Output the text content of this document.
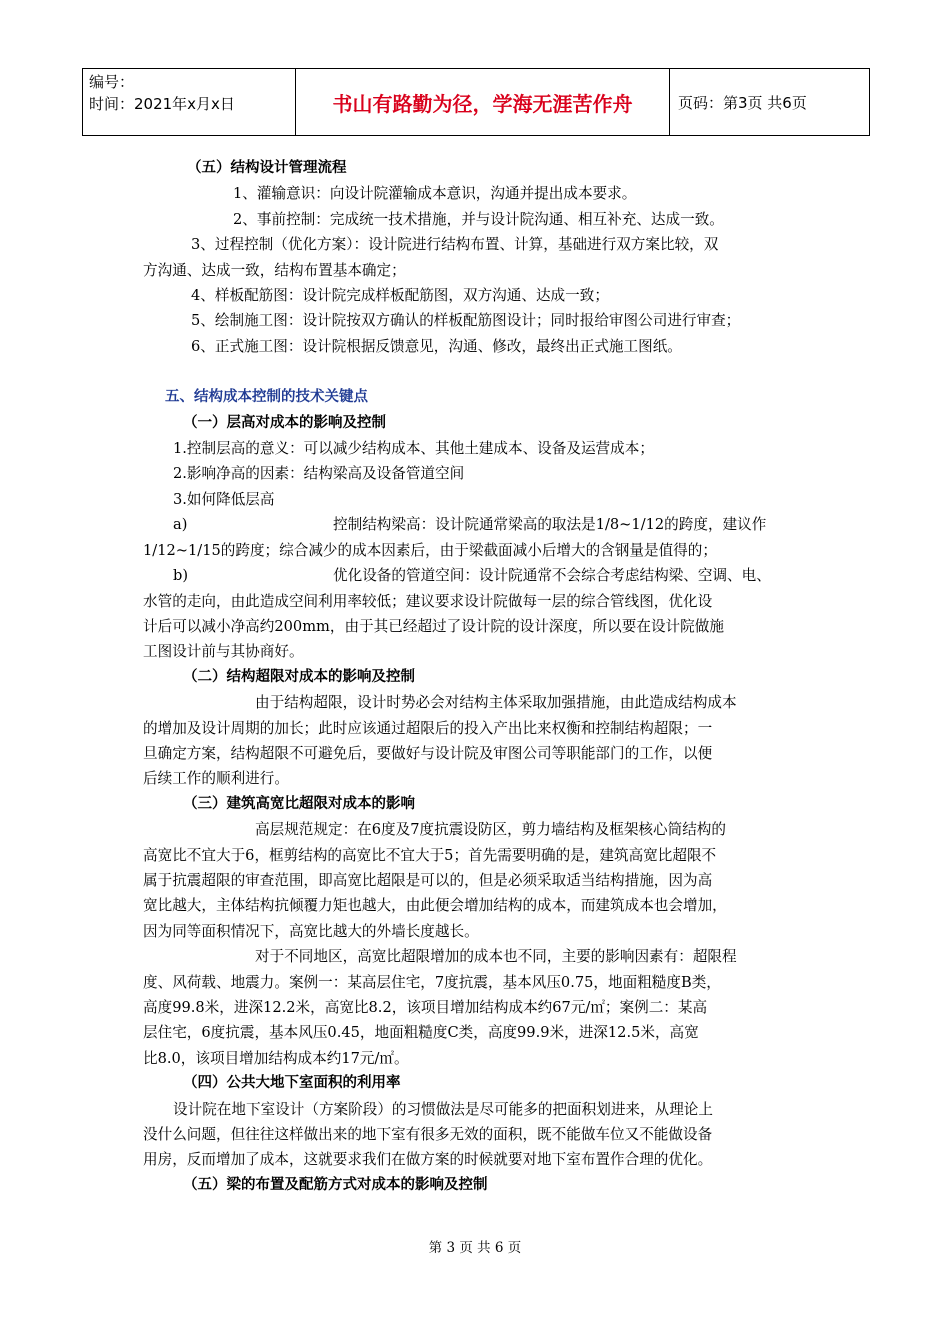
编号：
时间：2021年x月x日	书山有路勤为径，学海无涯苦作舟	页码：第3页 共6页

（五）结构设计管理流程

1、灌输意识：向设计院灌输成本意识，沟通并提出成本要求。

2、事前控制：完成统一技术措施，并与设计院沟通、相互补充、达成一致。

3、过程控制（优化方案）：设计院进行结构布置、计算，基础进行双方案比较，双

方沟通、达成一致，结构布置基本确定；

4、样板配筋图：设计院完成样板配筋图，双方沟通、达成一致；

5、绘制施工图：设计院按双方确认的样板配筋图设计；同时报给审图公司进行审查；

6、正式施工图：设计院根据反馈意见，沟通、修改，最终出正式施工图纸。

五、结构成本控制的技术关键点

（一）层高对成本的影响及控制

1.控制层高的意义：可以减少结构成本、其他土建成本、设备及运营成本；

2.影响净高的因素：结构梁高及设备管道空间

3.如何降低层高

a)	控制结构梁高：设计院通常梁高的取法是1/8~1/12的跨度，建议作

1/12~1/15的跨度；综合减少的成本因素后，由于梁截面减小后增大的含钢量是值得的；

b)	优化设备的管道空间：设计院通常不会综合考虑结构梁、空调、电、

水管的走向，由此造成空间利用率较低；建议要求设计院做每一层的综合管线图，优化设

计后可以减小净高约200mm，由于其已经超过了设计院的设计深度，所以要在设计院做施

工图设计前与其协商好。

（二）结构超限对成本的影响及控制

由于结构超限，设计时势必会对结构主体采取加强措施，由此造成结构成本

的增加及设计周期的加长；此时应该通过超限后的投入产出比来权衡和控制结构超限；一

旦确定方案，结构超限不可避免后，要做好与设计院及审图公司等职能部门的工作，以便

后续工作的顺利进行。

（三）建筑高宽比超限对成本的影响

高层规范规定：在6度及7度抗震设防区，剪力墙结构及框架核心筒结构的

高宽比不宜大于6，框剪结构的高宽比不宜大于5；首先需要明确的是，建筑高宽比超限不

属于抗震超限的审查范围，即高宽比超限是可以的，但是必须采取适当结构措施，因为高

宽比越大，主体结构抗倾覆力矩也越大，由此便会增加结构的成本，而建筑成本也会增加，

因为同等面积情况下，高宽比越大的外墙长度越长。

对于不同地区，高宽比超限增加的成本也不同，主要的影响因素有：超限程

度、风荷载、地震力。案例一：某高层住宅，7度抗震，基本风压0.75，地面粗糙度B类，

高度99.8米，进深12.2米，高宽比8.2，该项目增加结构成本约67元/㎡；案例二：某高

层住宅，6度抗震，基本风压0.45，地面粗糙度C类，高度99.9米，进深12.5米，高宽

比8.0，该项目增加结构成本约17元/㎡。

（四）公共大地下室面积的利用率

设计院在地下室设计（方案阶段）的习惯做法是尽可能多的把面积划进来，从理论上

没什么问题，但往往这样做出来的地下室有很多无效的面积，既不能做车位又不能做设备

用房，反而增加了成本，这就要求我们在做方案的时候就要对地下室布置作合理的优化。

（五）梁的布置及配筋方式对成本的影响及控制

第 3 页 共 6 页
